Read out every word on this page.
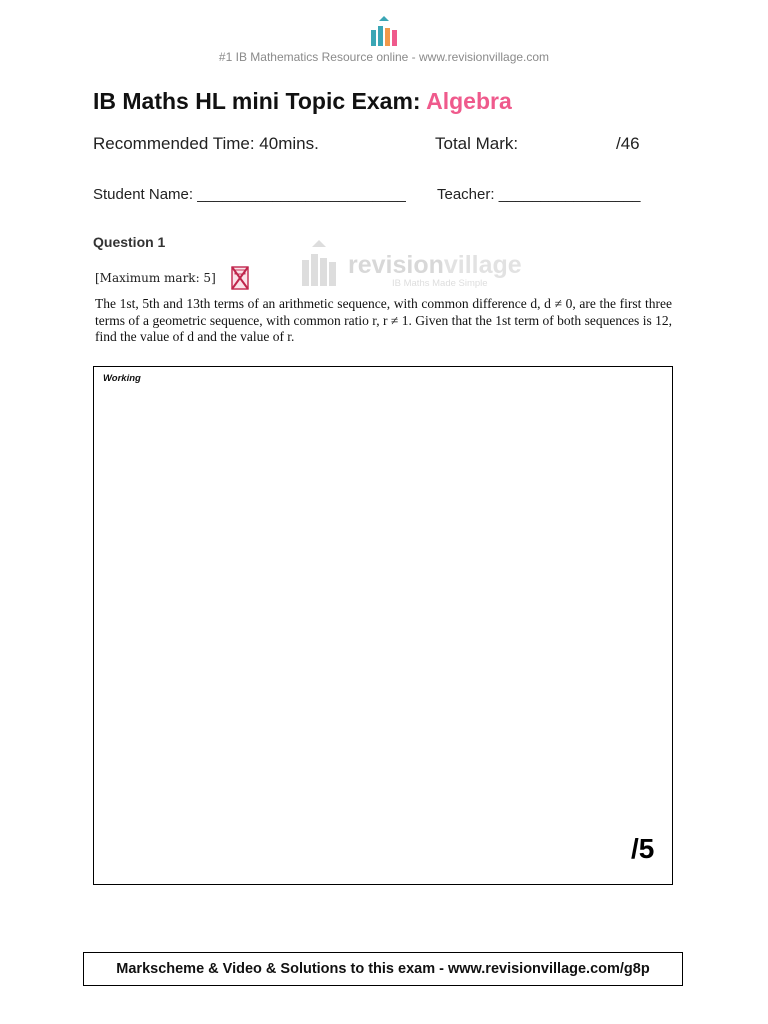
#1 IB Mathematics Resource online - www.revisionvillage.com
IB Maths HL mini Topic Exam: Algebra
Recommended Time: 40mins.	Total Mark:	/46
Student Name: _________________________ Teacher: _________________
Question 1
revisionvillage
IB Maths Made Simple
[Maximum mark: 5]
The 1st, 5th and 13th terms of an arithmetic sequence, with common difference d, d ≠ 0, are the first three terms of a geometric sequence, with common ratio r, r ≠ 1. Given that the 1st term of both sequences is 12, find the value of d and the value of r.
Working
/5
Markscheme & Video & Solutions to this exam - www.revisionvillage.com/g8p
